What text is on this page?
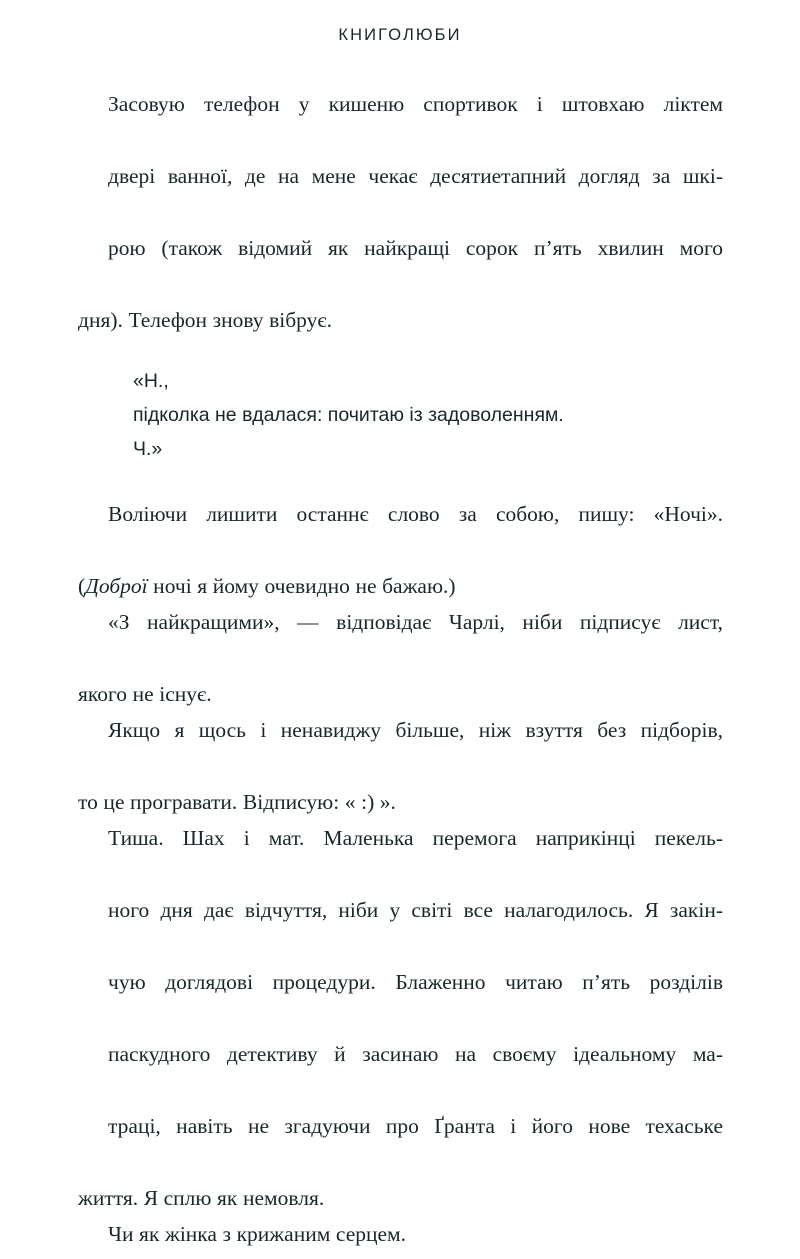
КНИГОЛЮБИ

Засовую телефон у кишеню спортивок і штовхаю ліктем
двері ванної, де на мене чекає десятиетапний догляд за шкі-
рою (також відомий як найкращі сорок п’ять хвилин мого
дня). Телефон знову вібрує.

«Н.,
підколка не вдалася: почитаю із задоволенням.
Ч.»

Воліючи лишити останнє слово за собою, пишу: «Ночі».
(Доброї ночі я йому очевидно не бажаю.)

«З найкращими», — відповідає Чарлі, ніби підписує лист,
якого не існує.

Якщо я щось і ненавиджу більше, ніж взуття без підборів,
то це програвати. Відписую: « :) ».

Тиша. Шах і мат. Маленька перемога наприкінці пекель-
ного дня дає відчуття, ніби у світі все налагодилось. Я закін-
чую доглядові процедури. Блаженно читаю п’ять розділів
паскудного детективу й засинаю на своєму ідеальному ма-
траці, навіть не згадуючи про Ґранта і його нове техаське
життя. Я сплю як немовля.

Чи як жінка з крижаним серцем.
